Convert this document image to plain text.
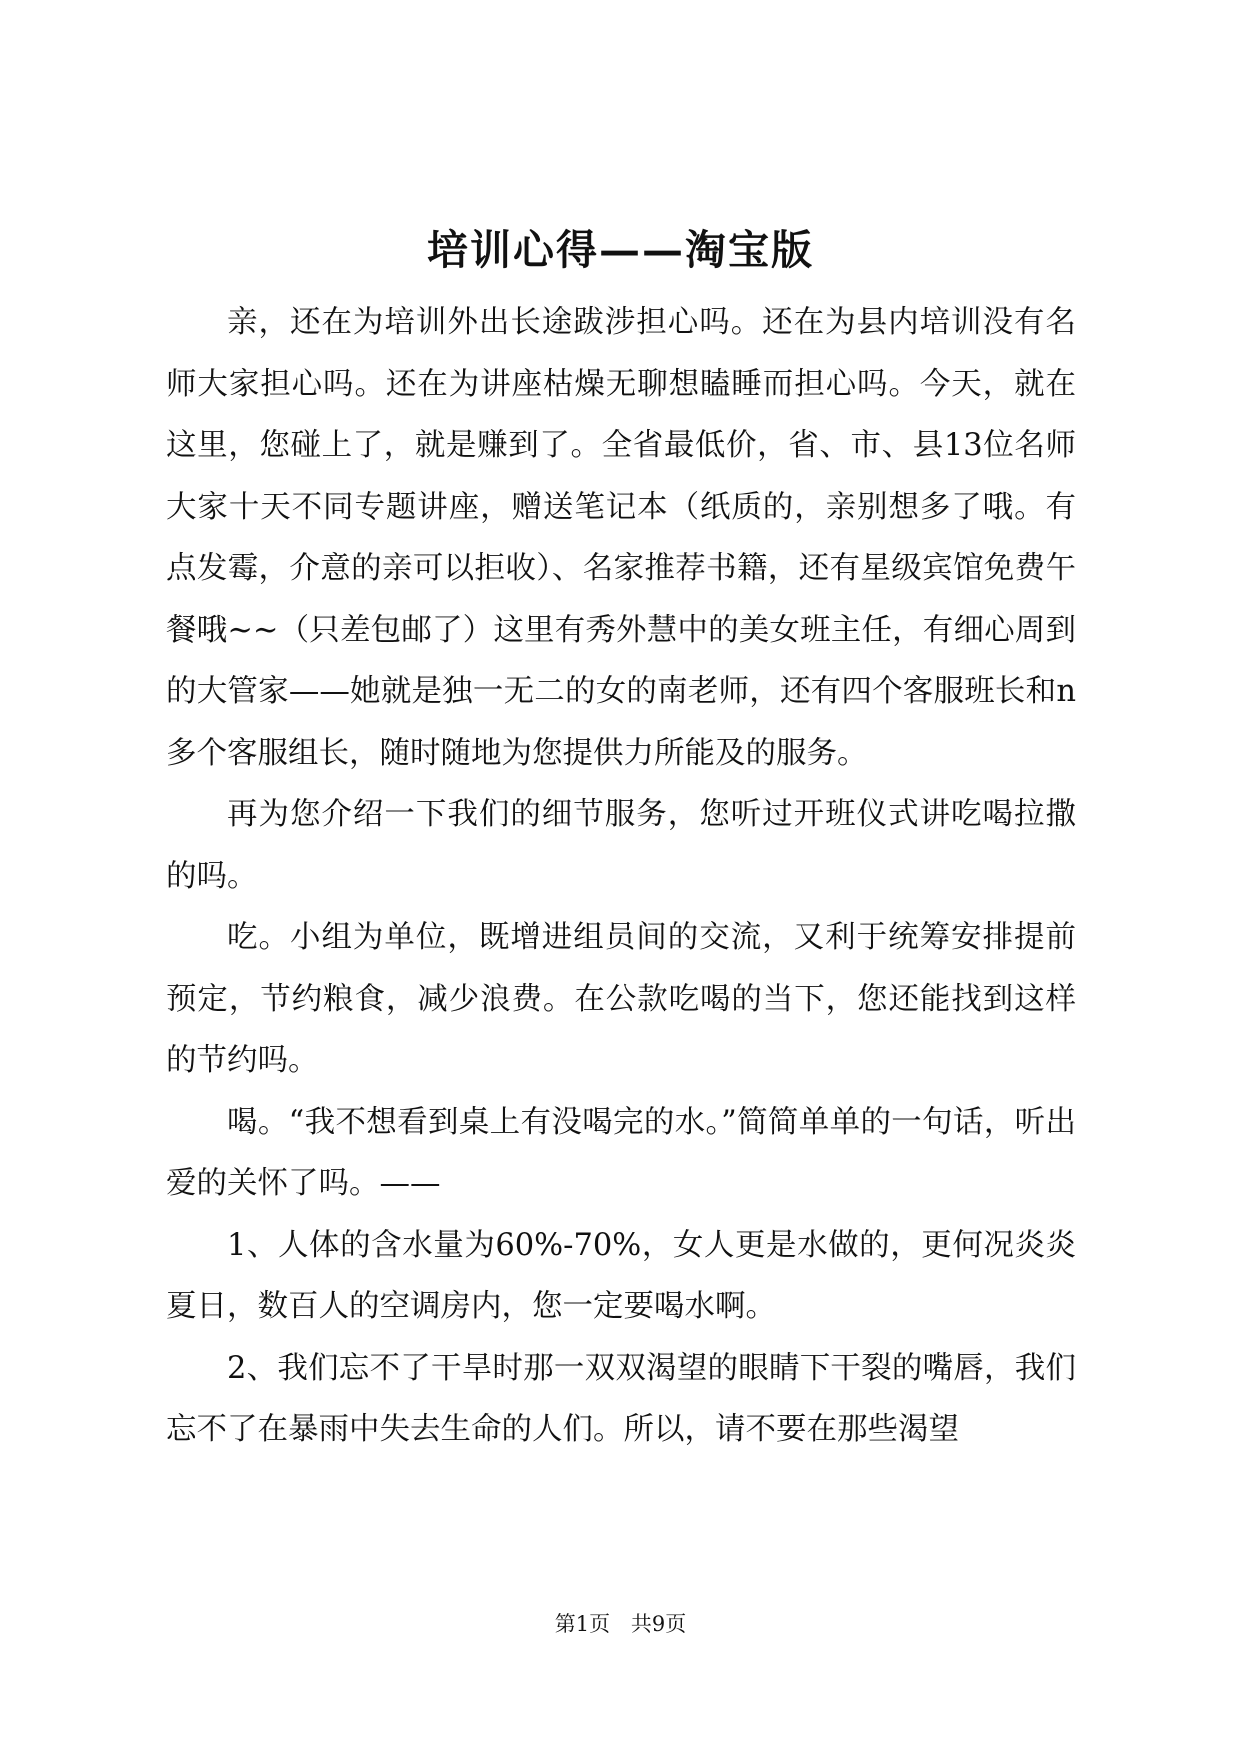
培训心得——淘宝版

亲，还在为培训外出长途跋涉担心吗。还在为县内培训没有名师大家担心吗。还在为讲座枯燥无聊想瞌睡而担心吗。今天，就在这里，您碰上了，就是赚到了。全省最低价，省、市、县13位名师大家十天不同专题讲座，赠送笔记本（纸质的，亲别想多了哦。有点发霉，介意的亲可以拒收）、名家推荐书籍，还有星级宾馆免费午餐哦~~（只差包邮了）这里有秀外慧中的美女班主任，有细心周到的大管家——她就是独一无二的女的南老师，还有四个客服班长和n多个客服组长，随时随地为您提供力所能及的服务。

再为您介绍一下我们的细节服务，您听过开班仪式讲吃喝拉撒的吗。

吃。小组为单位，既增进组员间的交流，又利于统筹安排提前预定，节约粮食，减少浪费。在公款吃喝的当下，您还能找到这样的节约吗。

喝。“我不想看到桌上有没喝完的水。”简简单单的一句话，听出爱的关怀了吗。——

1、人体的含水量为60%-70%，女人更是水做的，更何况炎炎夏日，数百人的空调房内，您一定要喝水啊。

2、我们忘不了干旱时那一双双渴望的眼睛下干裂的嘴唇，我们忘不了在暴雨中失去生命的人们。所以，请不要在那些渴望

第1页 共9页
